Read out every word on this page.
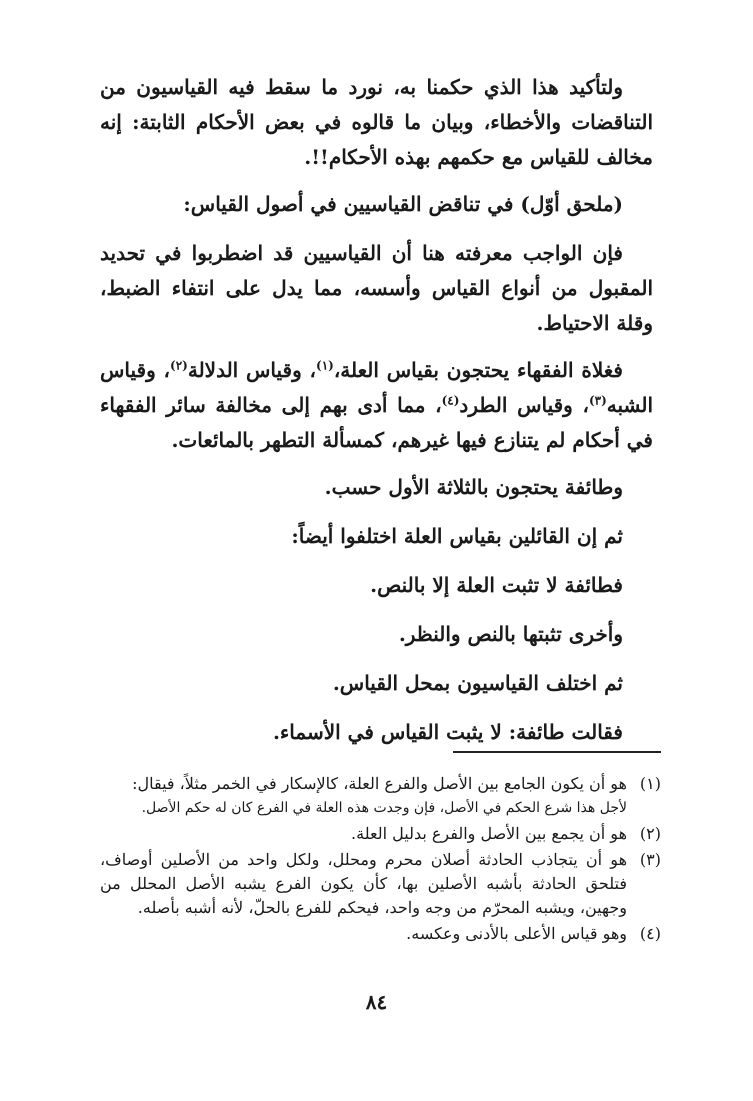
ولتأكيد هذا الذي حكمنا به، نورد ما سقط فيه القياسيون من التناقضات والأخطاء، وبيان ما قالوه في بعض الأحكام الثابتة: إنه مخالف للقياس مع حكمهم بهذه الأحكام!!.

(ملحق أوّل) في تناقض القياسيين في أصول القياس:

فإن الواجب معرفته هنا أن القياسيين قد اضطربوا في تحديد المقبول من أنواع القياس وأسسه، مما يدل على انتفاء الضبط، وقلة الاحتياط.

فغلاة الفقهاء يحتجون بقياس العلة،$^{(١)}$، وقياس الدلالة$^{(٢)}$، وقياس الشبه$^{(٣)}$، وقياس الطرد$^{(٤)}$، مما أدى بهم إلى مخالفة سائر الفقهاء في أحكام لم يتنازع فيها غيرهم، كمسألة التطهر بالمائعات.

وطائفة يحتجون بالثلاثة الأول حسب.

ثم إن القائلين بقياس العلة اختلفوا أيضاً:

فطائفة لا تثبت العلة إلا بالنص.

وأخرى تثبتها بالنص والنظر.

ثم اختلف القياسيون بمحل القياس.

فقالت طائفة: لا يثبت القياس في الأسماء.

(١)
هو أن يكون الجامع بين الأصل والفرع العلة، كالإسكار في الخمر مثلاً، فيقال:
لأجل هذا شرع الحكم في الأصل، فإن وجدت هذه العلة في الفرع كان له حكم الأصل.
(٢)
هو أن يجمع بين الأصل والفرع بدليل العلة.
(٣)
هو أن يتجاذب الحادثة أصلان محرم ومحلل، ولكل واحد من الأصلين أوصاف، فتلحق الحادثة بأشبه الأصلين بها، كأن يكون الفرع يشبه الأصل المحلل من وجهين، ويشبه المحرّم من وجه واحد، فيحكم للفرع بالحلّ، لأنه أشبه بأصله.
(٤)
وهو قياس الأعلى بالأدنى وعكسه.
٨٤
